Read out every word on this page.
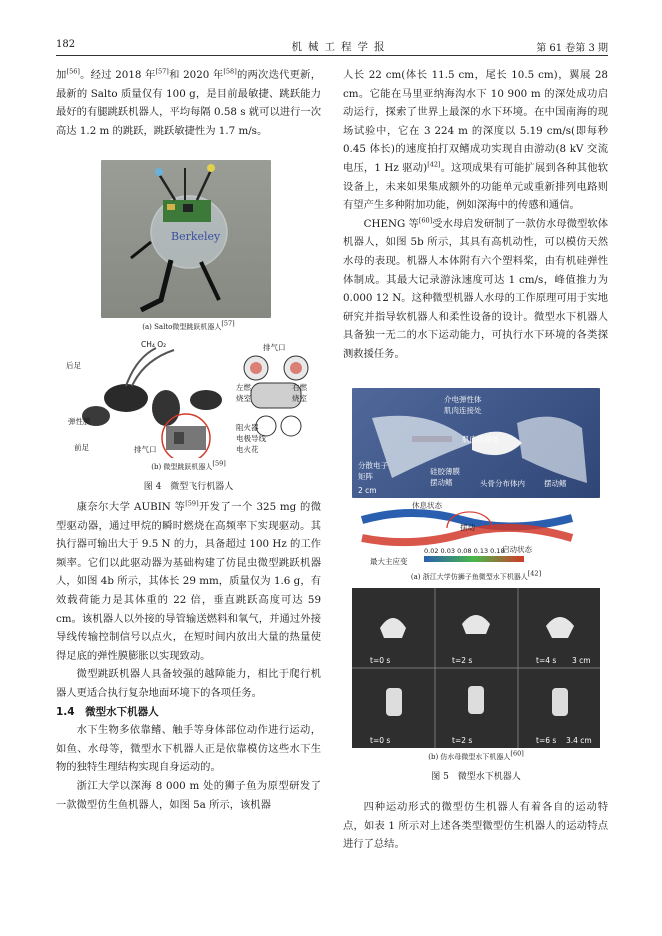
182	机械工程学报	第 61 卷第 3 期

加[56]。经过 2018 年[57]和 2020 年[58]的两次迭代更新，最新的 Salto 质量仅有 100 g，是目前最敏捷、跳跃能力最好的有腿跳跃机器人，平均每隔 0.58 s 就可以进行一次高达 1.2 m 的跳跃，跳跃敏捷性为 1.7 m/s。

康奈尔大学 AUBIN 等[59]开发了一个 325 mg 的微型驱动器，通过甲烷的瞬时燃烧在高频率下实现驱动。其执行器可输出大于 9.5 N 的力，具备超过 100 Hz 的工作频率。它们以此驱动器为基础构建了仿昆虫微型跳跃机器人，如图 4b 所示，其体长 29 mm，质量仅为 1.6 g，有效载荷能力是其体重的 22 倍，垂直跳跃高度可达 59 cm。该机器人以外接的导管输送燃料和氧气，并通过外接导线传输控制信号以点火，在短时间内放出大量的热量使得足底的弹性膜膨胀以实现致动。

微型跳跃机器人具备较强的越障能力，相比于爬行机器人更适合执行复杂地面环境下的各项任务。

1.4　微型水下机器人

水下生物多依靠鳍、触手等身体部位动作进行运动，如鱼、水母等，微型水下机器人正是依靠模仿这些水下生物的独特生理结构实现自身运动的。

浙江大学以深海 8 000 m 处的狮子鱼为原型研发了一款微型仿生鱼机器人，如图 5a 所示，该机器

Berkeley
(a) Salto微型跳跃机器人[57]
CH₄ O₂	排气口
后足
左燃
烧室
右燃
烧室
弹性膜
前足	排气口
阻火器
电极导线
电火花
(b) 微型跳跃机器人[59]
图 4　微型飞行机器人

人长 22 cm(体长 11.5 cm，尾长 10.5 cm)，翼展 28 cm。它能在马里亚纳海沟水下 10 900 m 的深处成功启动运行，探索了世界上最深的水下环境。在中国南海的现场试验中，它在 3 224 m 的深度以 5.19 cm/s(即每秒 0.45 体长)的速度拍打双鳍成功实现自由游动(8 kV 交流电压，1 Hz 驱动)[42]。这项成果有可能扩展到各种其他软设备上，未来如果集成额外的功能单元或重新排列电路则有望产生多种附加功能，例如深海中的传感和通信。

CHENG 等[60]受水母启发研制了一款仿水母微型软体机器人，如图 5b 所示，其具有高机动性，可以模仿天然水母的表现。机器人本体附有六个塑料桨，由有机硅弹性体制成。其最大记录游泳速度可达 1 cm/s，峰值推力为 0.000 12 N。这种微型机器人水母的工作原理可用于实地研究并指导软机器人和柔性设备的设计。微型水下机器人具备独一无二的水下运动能力，可执行水下环境的各类探测救援任务。

介电弹性体
肌肉连接处
肌肉连接处
分散电子
矩阵
硅胶薄膜
摆动鳍	头骨分布体内	摆动鳍
2 cm
休息状态
摆动
启动状态
最大主应变
0.02 0.03 0.08 0.13 0.18
(a) 浙江大学仿狮子鱼微型水下机器人[42]
t=0 s	t=2 s	t=4 s 3 cm
t=0 s	t=2 s	t=6 s 3.4 cm
(b) 仿水母微型水下机器人[60]
图 5　微型水下机器人

四种运动形式的微型仿生机器人有着各自的运动特点，如表 1 所示对上述各类型微型仿生机器人的运动特点进行了总结。
